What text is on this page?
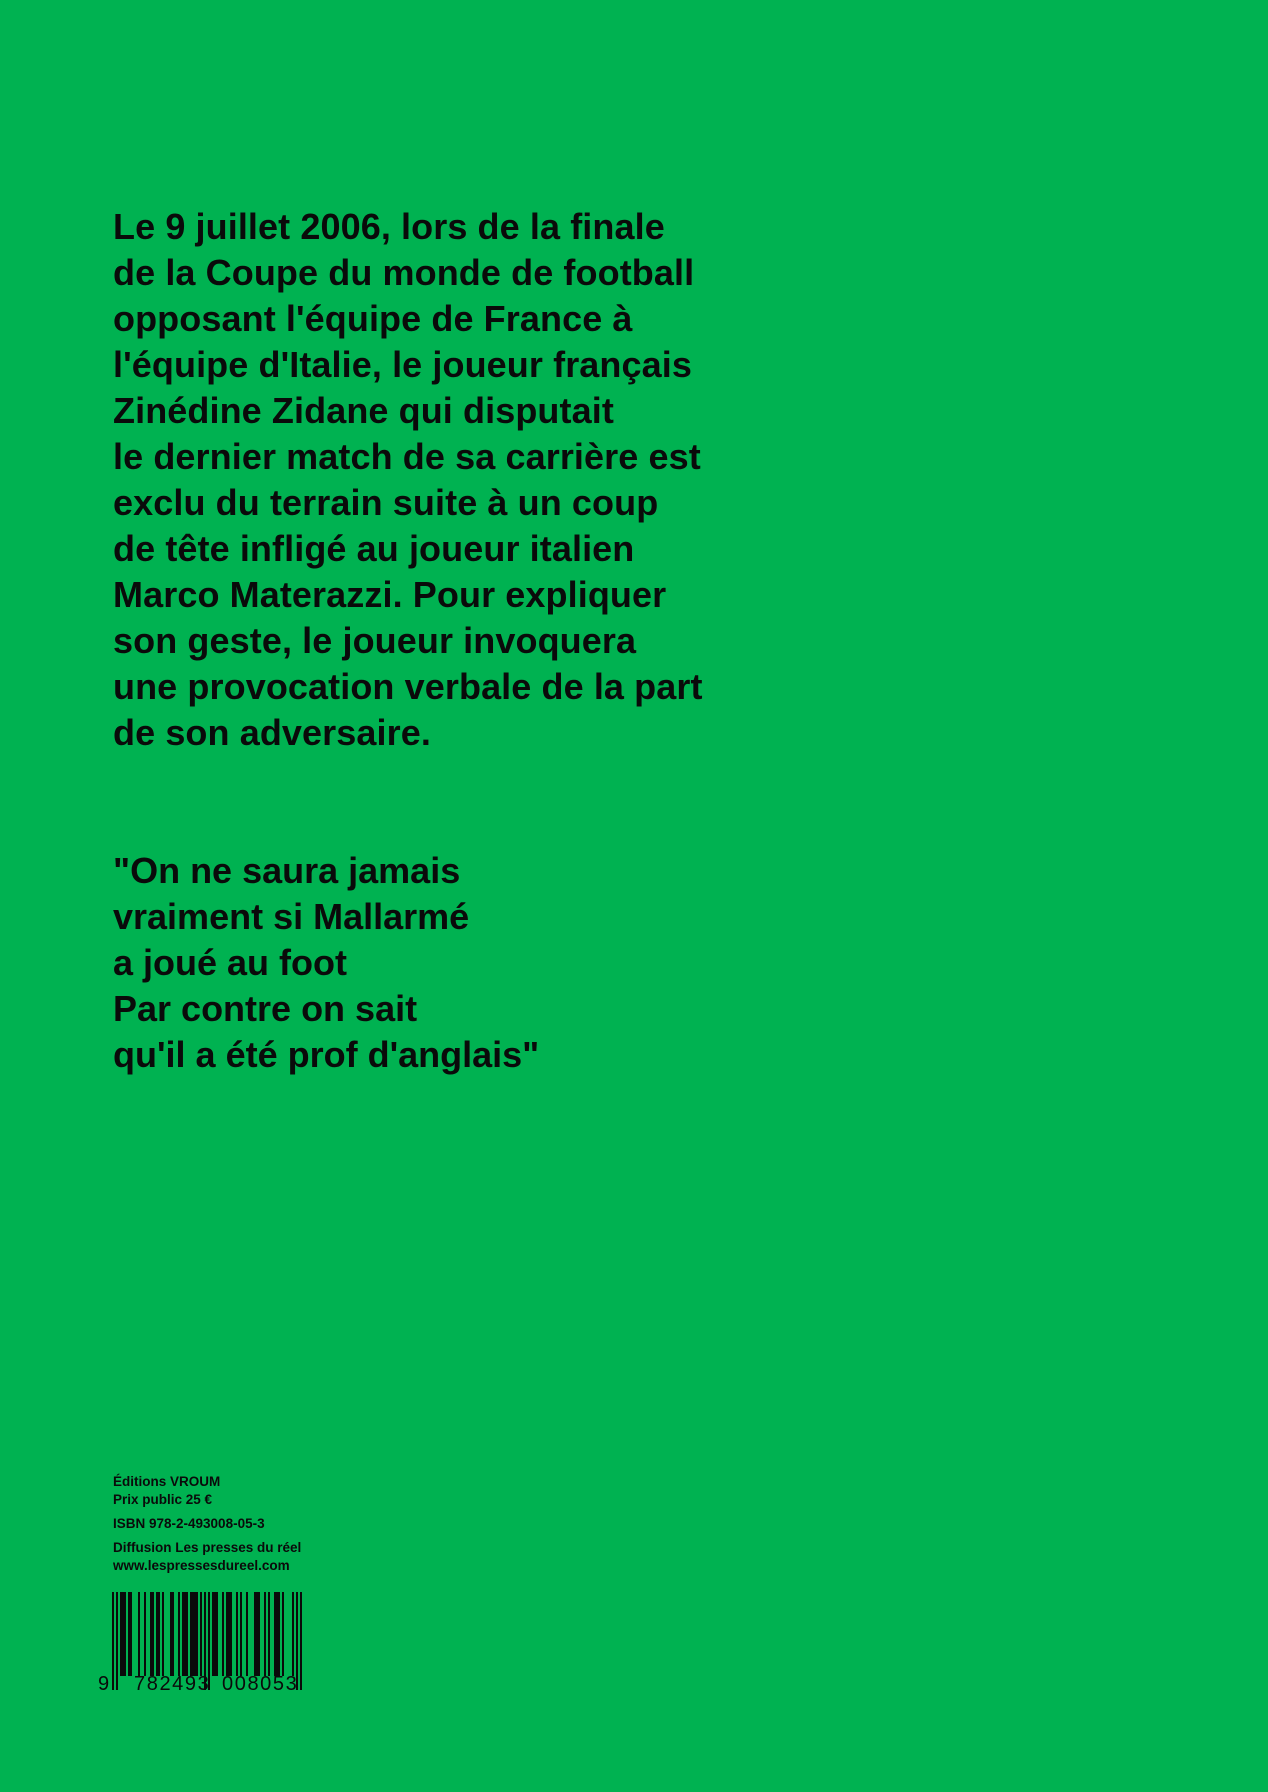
Le 9 juillet 2006, lors de la finale
de la Coupe du monde de football
opposant l'équipe de France à
l'équipe d'Italie, le joueur français
Zinédine Zidane qui disputait
le dernier match de sa carrière est
exclu du terrain suite à un coup
de tête infligé au joueur italien
Marco Materazzi. Pour expliquer
son geste, le joueur invoquera
une provocation verbale de la part
de son adversaire.

"On ne saura jamais
vraiment si Mallarmé
a joué au foot
Par contre on sait
qu'il a été prof d'anglais"

Éditions VROUM
Prix public 25 €
ISBN 978-2-493008-05-3
Diffusion Les presses du réel
www.lespressesdureel.com
9 782493 008053
